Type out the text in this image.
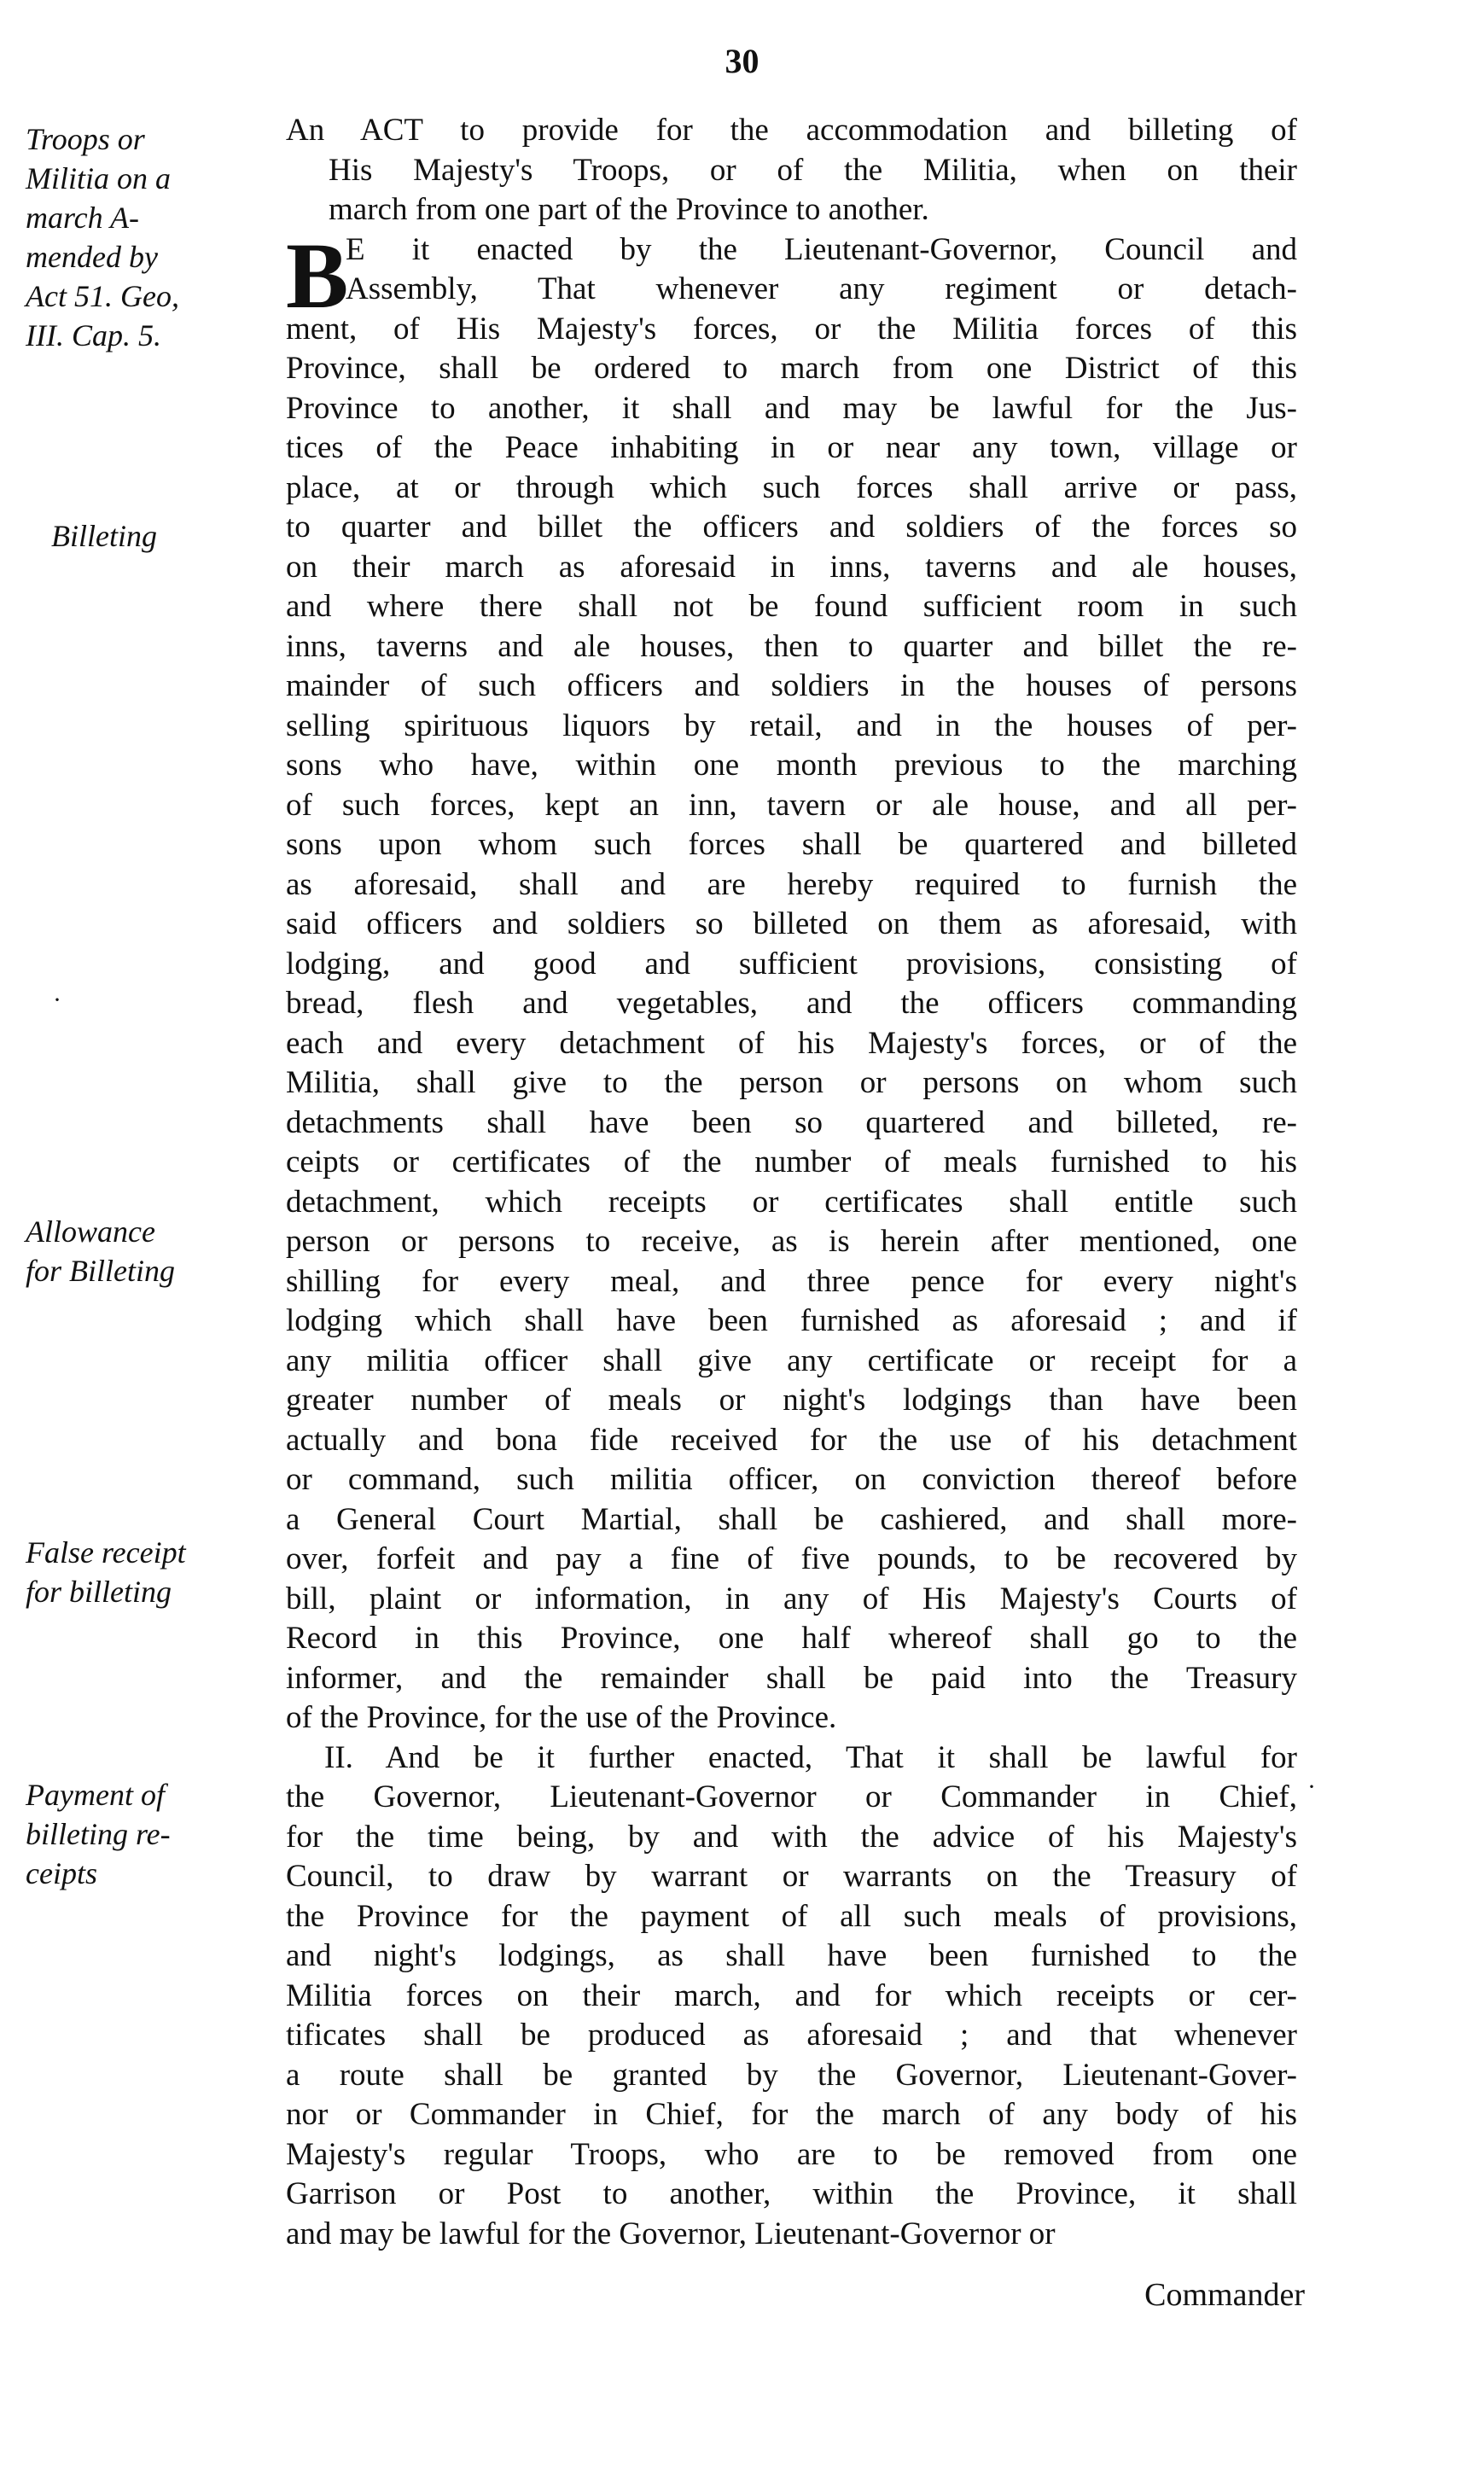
30
Troops or
Militia on a
march A-
mended by
Act 51. Geo,
III. Cap. 5.
Billeting
Allowance
for Billeting
False receipt
for billeting
Payment of
billeting re-
ceipts
B
An ACT to provide for the accommodation and billeting of
His Majesty's Troops, or of the Militia, when on their
march from one part of the Province to another.
E it enacted by the Lieutenant-Governor, Council and
Assembly, That whenever any regiment or detach-
ment, of His Majesty's forces, or the Militia forces of this
Province, shall be ordered to march from one District of this
Province to another, it shall and may be lawful for the Jus-
tices of the Peace inhabiting in or near any town, village or
place, at or through which such forces shall arrive or pass,
to quarter and billet the officers and soldiers of the forces so
on their march as aforesaid in inns, taverns and ale houses,
and where there shall not be found sufficient room in such
inns, taverns and ale houses, then to quarter and billet the re-
mainder of such officers and soldiers in the houses of persons
selling spirituous liquors by retail, and in the houses of per-
sons who have, within one month previous to the marching
of such forces, kept an inn, tavern or ale house, and all per-
sons upon whom such forces shall be quartered and billeted
as aforesaid, shall and are hereby required to furnish the
said officers and soldiers so billeted on them as aforesaid, with
lodging, and good and sufficient provisions, consisting of
bread, flesh and vegetables, and the officers commanding
each and every detachment of his Majesty's forces, or of the
Militia, shall give to the person or persons on whom such
detachments shall have been so quartered and billeted, re-
ceipts or certificates of the number of meals furnished to his
detachment, which receipts or certificates shall entitle such
person or persons to receive, as is herein after mentioned, one
shilling for every meal, and three pence for every night's
lodging which shall have been furnished as aforesaid ; and if
any militia officer shall give any certificate or receipt for a
greater number of meals or night's lodgings than have been
actually and bona fide received for the use of his detachment
or command, such militia officer, on conviction thereof before
a General Court Martial, shall be cashiered, and shall more-
over, forfeit and pay a fine of five pounds, to be recovered by
bill, plaint or information, in any of His Majesty's Courts of
Record in this Province, one half whereof shall go to the
informer, and the remainder shall be paid into the Treasury
of the Province, for the use of the Province.
II. And be it further enacted, That it shall be lawful for
the Governor, Lieutenant-Governor or Commander in Chief,
for the time being, by and with the advice of his Majesty's
Council, to draw by warrant or warrants on the Treasury of
the Province for the payment of all such meals of provisions,
and night's lodgings, as shall have been furnished to the
Militia forces on their march, and for which receipts or cer-
tificates shall be produced as aforesaid ; and that whenever
a route shall be granted by the Governor, Lieutenant-Gover-
nor or Commander in Chief, for the march of any body of his
Majesty's regular Troops, who are to be removed from one
Garrison or Post to another, within the Province, it shall
and may be lawful for the Governor, Lieutenant-Governor or
Commander
·
·
